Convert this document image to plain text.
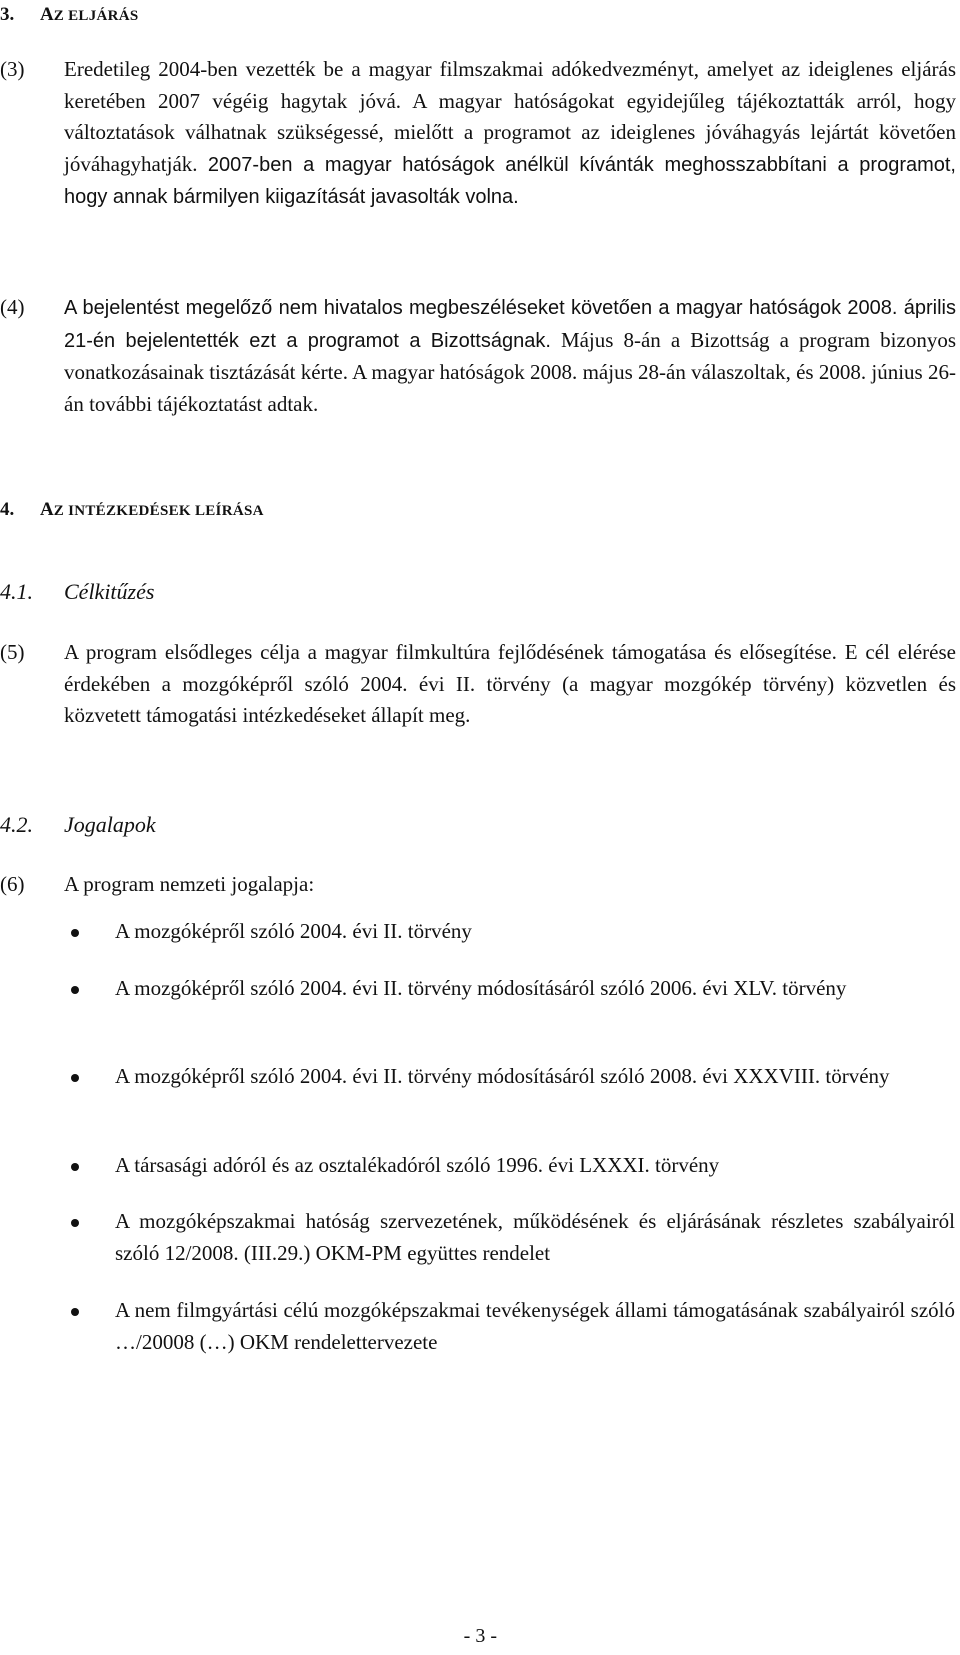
3. AZ ELJÁRÁS
(3) Eredetileg 2004-ben vezették be a magyar filmszakmai adókedvezményt, amelyet az ideiglenes eljárás keretében 2007 végéig hagytak jóvá. A magyar hatóságokat egyidejűleg tájékoztatták arról, hogy változtatások válhatnak szükségessé, mielőtt a programot az ideiglenes jóváhagyás lejártát követően jóváhagyhatják. 2007-ben a magyar hatóságok anélkül kívánták meghosszabbítani a programot, hogy annak bármilyen kiigazítását javasolták volna.
(4) A bejelentést megelőző nem hivatalos megbeszéléseket követően a magyar hatóságok 2008. április 21-én bejelentették ezt a programot a Bizottságnak. Május 8-án a Bizottság a program bizonyos vonatkozásainak tisztázását kérte. A magyar hatóságok 2008. május 28-án válaszoltak, és 2008. június 26-án további tájékoztatást adtak.
4. AZ INTÉZKEDÉSEK LEÍRÁSA
4.1. Célkitűzés
(5) A program elsődleges célja a magyar filmkultúra fejlődésének támogatása és elősegítése. E cél elérése érdekében a mozgóképről szóló 2004. évi II. törvény (a magyar mozgókép törvény) közvetlen és közvetett támogatási intézkedéseket állapít meg.
4.2. Jogalapok
(6) A program nemzeti jogalapja:
A mozgóképről szóló 2004. évi II. törvény
A mozgóképről szóló 2004. évi II. törvény módosításáról szóló 2006. évi XLV. törvény
A mozgóképről szóló 2004. évi II. törvény módosításáról szóló 2008. évi XXXVIII. törvény
A társasági adóról és az osztalékadóról szóló 1996. évi LXXXI. törvény
A mozgóképszakmai hatóság szervezetének, működésének és eljárásának részletes szabályairól szóló 12/2008. (III.29.) OKM-PM együttes rendelet
A nem filmgyártási célú mozgóképszakmai tevékenységek állami támogatásának szabályairól szóló …/20008 (…) OKM rendelettervezete
- 3 -
